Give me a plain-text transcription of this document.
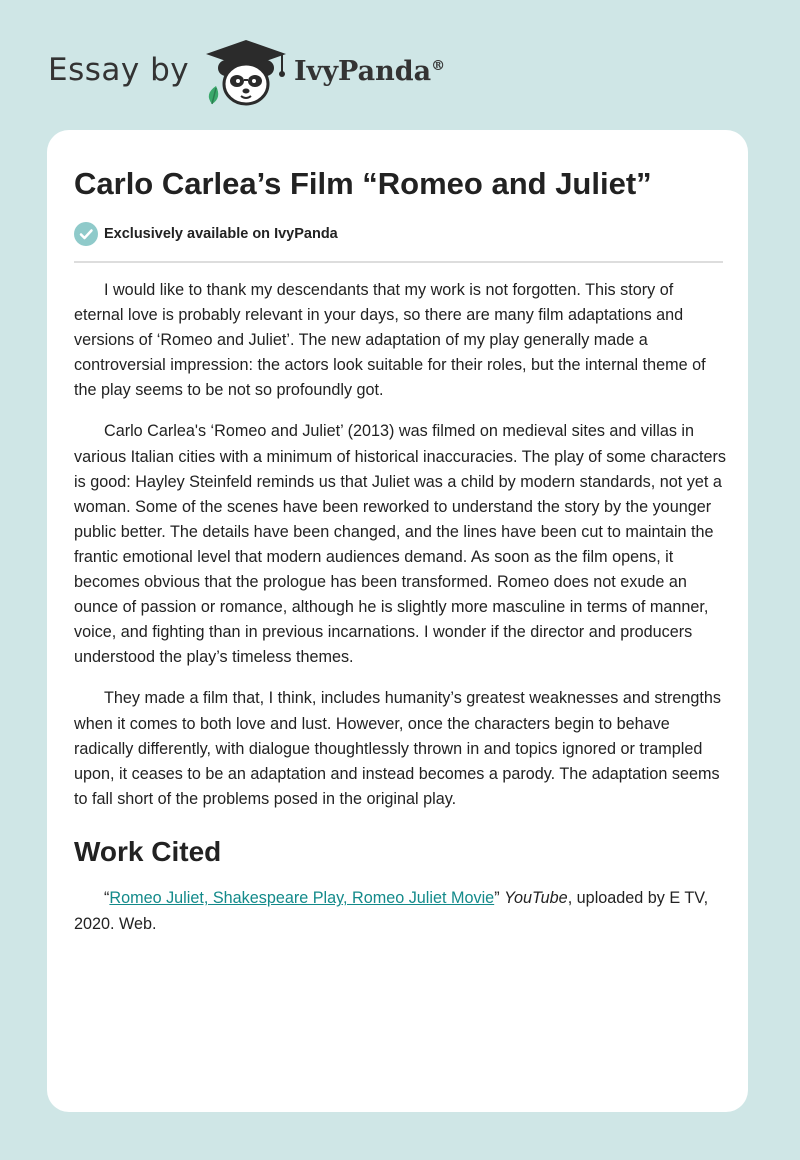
Essay by	IvyPanda®
Carlo Carlea’s Film “Romeo and Juliet”
Exclusively available on IvyPanda

I would like to thank my descendants that my work is not forgotten. This story of eternal love is probably relevant in your days, so there are many film adaptations and versions of ‘Romeo and Juliet’. The new adaptation of my play generally made a controversial impression: the actors look suitable for their roles, but the internal theme of the play seems to be not so profoundly got.

Carlo Carlea's ‘Romeo and Juliet’ (2013) was filmed on medieval sites and villas in various Italian cities with a minimum of historical inaccuracies. The play of some characters is good: Hayley Steinfeld reminds us that Juliet was a child by modern standards, not yet a woman. Some of the scenes have been reworked to understand the story by the younger public better. The details have been changed, and the lines have been cut to maintain the frantic emotional level that modern audiences demand. As soon as the film opens, it becomes obvious that the prologue has been transformed. Romeo does not exude an ounce of passion or romance, although he is slightly more masculine in terms of manner, voice, and fighting than in previous incarnations. I wonder if the director and producers understood the play’s timeless themes.

They made a film that, I think, includes humanity’s greatest weaknesses and strengths when it comes to both love and lust. However, once the characters begin to behave radically differently, with dialogue thoughtlessly thrown in and topics ignored or trampled upon, it ceases to be an adaptation and instead becomes a parody. The adaptation seems to fall short of the problems posed in the original play.

Work Cited

“Romeo Juliet, Shakespeare Play, Romeo Juliet Movie” YouTube, uploaded by E TV, 2020. Web.
